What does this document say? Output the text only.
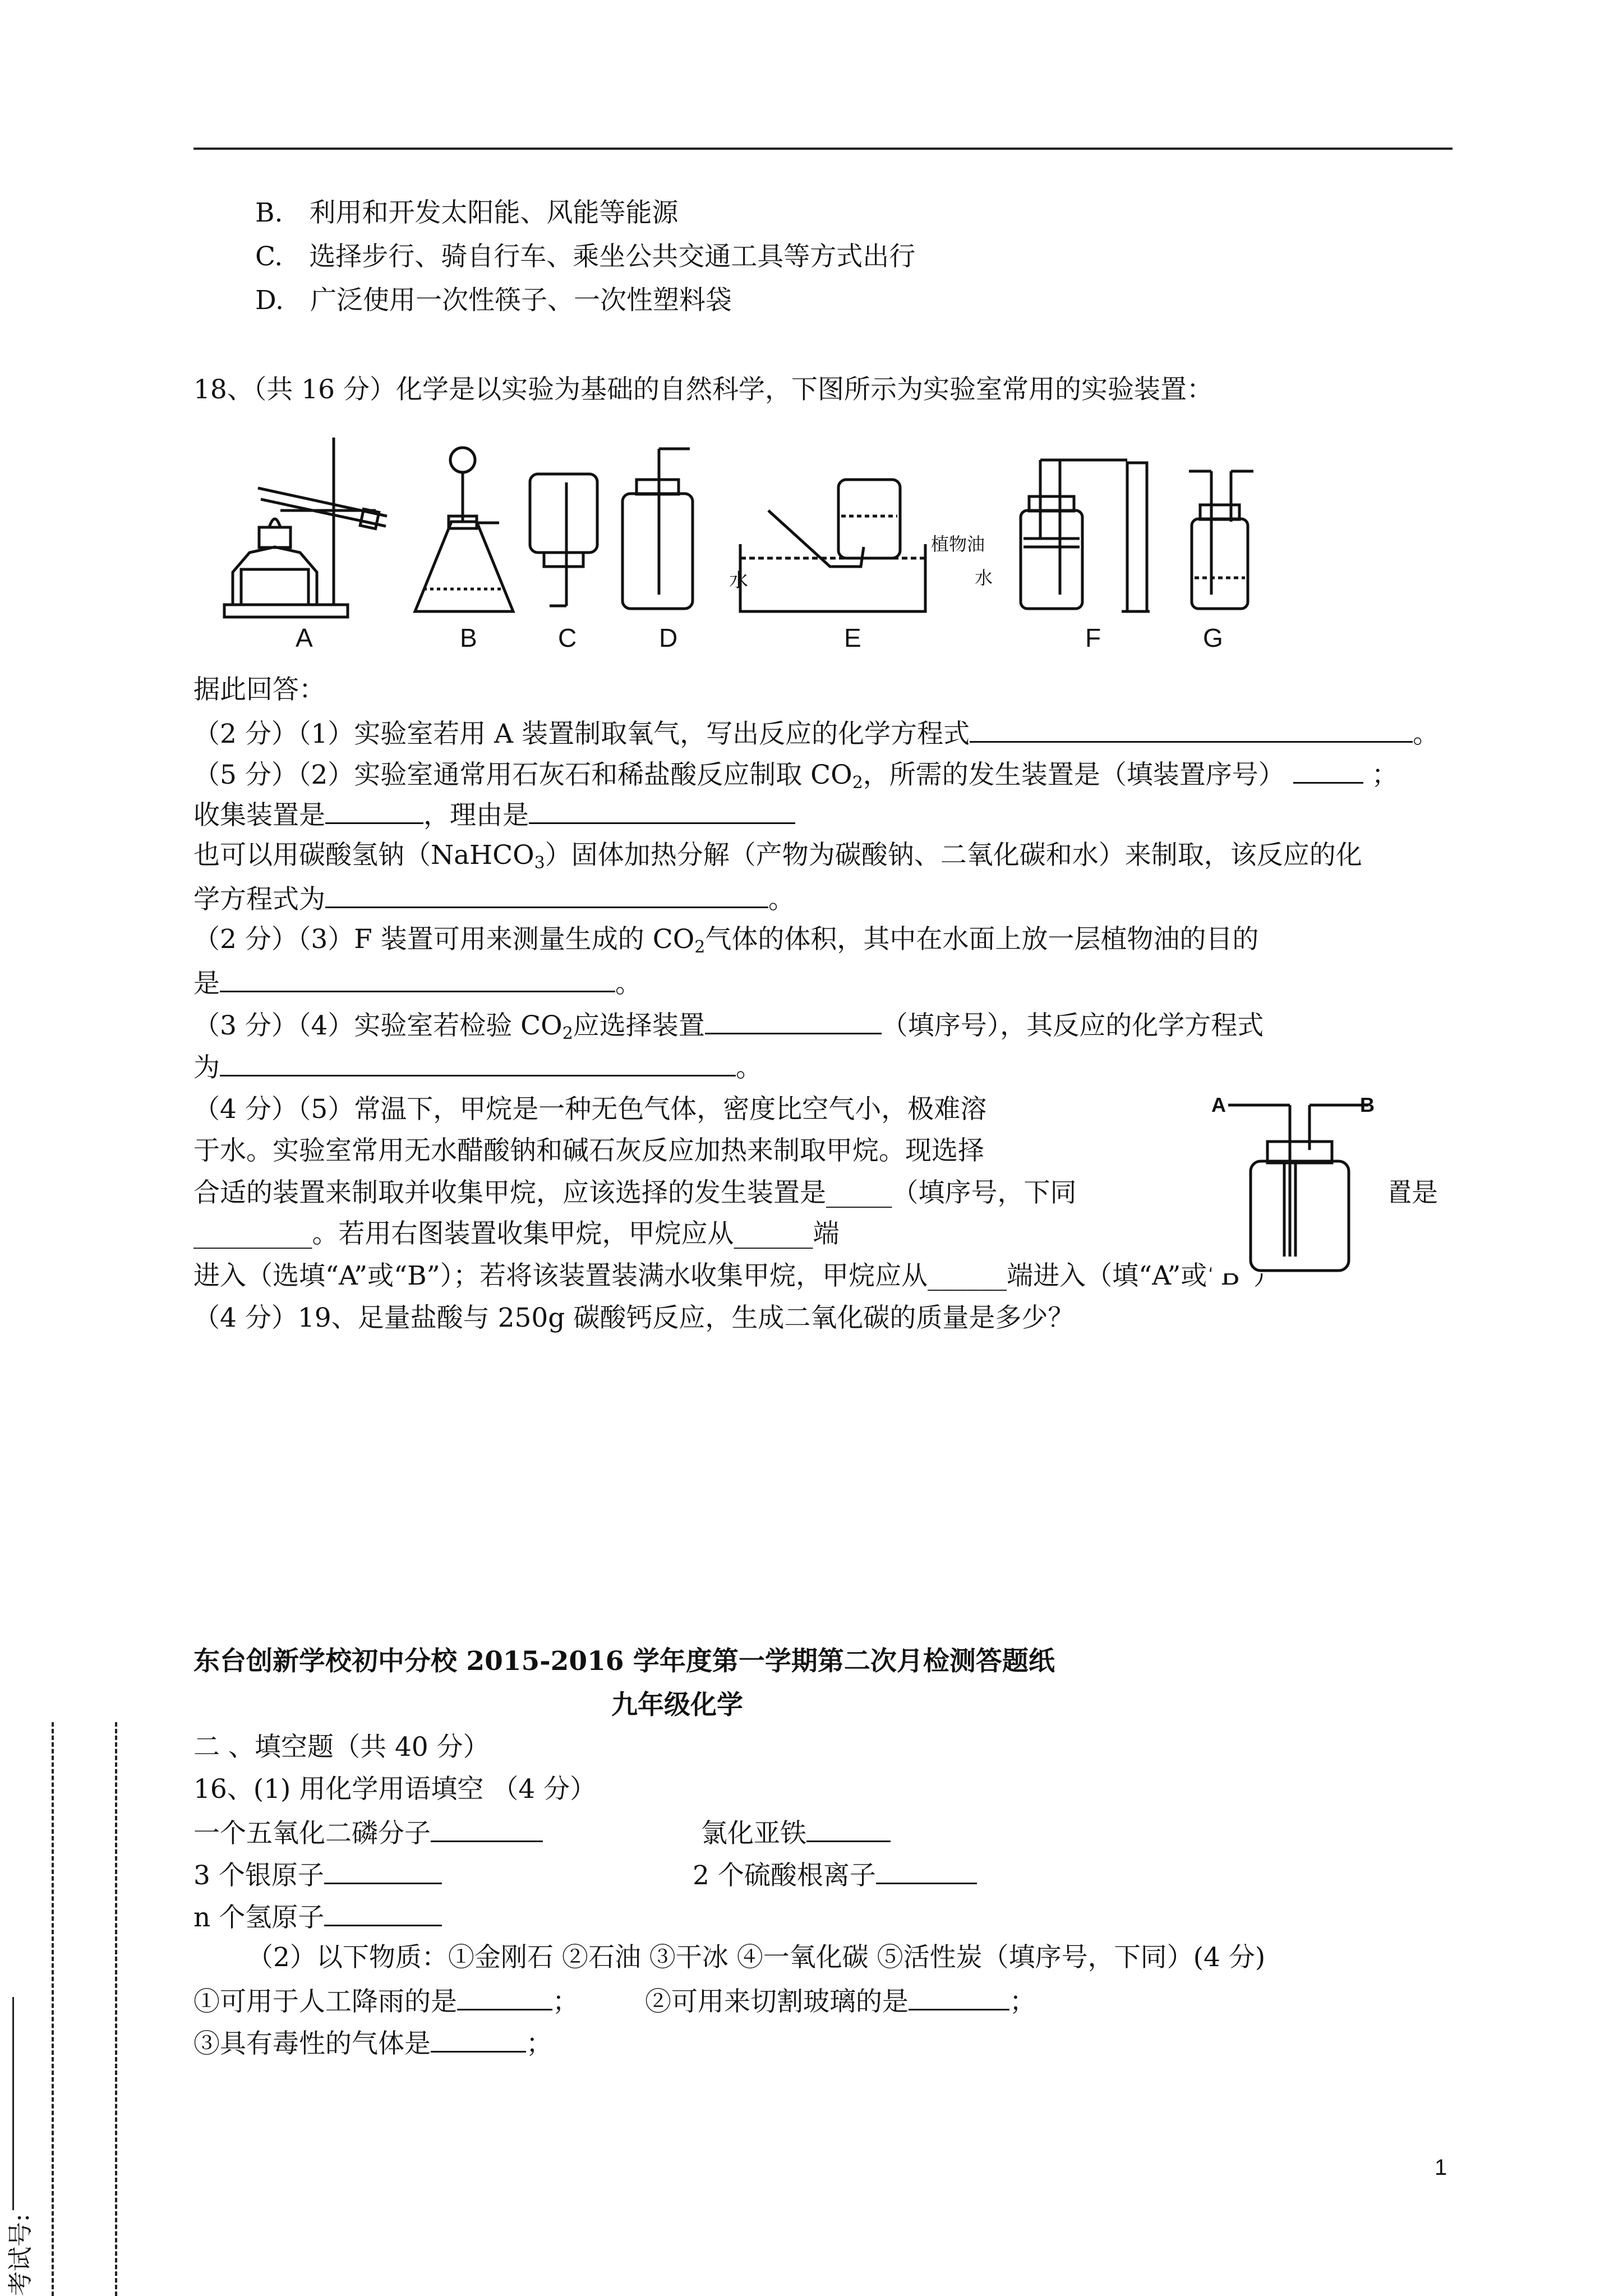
B.　利用和开发太阳能、风能等能源
C.　选择步行、骑自行车、乘坐公共交通工具等方式出行
D.　广泛使用一次性筷子、一次性塑料袋
18、（共 16 分）化学是以实验为基础的自然科学，下图所示为实验室常用的实验装置：
水
植物油
水
A	B	C	D	E	F	G
据此回答：
（2 分）（1）实验室若用 A 装置制取氧气，写出反应的化学方程式	。
（5 分）（2）实验室通常用石灰石和稀盐酸反应制取 $CO_2$，所需的发生装置是（填装置序号）	；
收集装置是	，理由是
也可以用碳酸氢钠（NaHCO$_3$）固体加热分解（产物为碳酸钠、二氧化碳和水）来制取，该反应的化
学方程式为	。
（2 分）（3）F 装置可用来测量生成的 $CO_2$气体的体积，其中在水面上放一层植物油的目的
是	。
（3 分）（4）实验室若检验 $CO_2$应选择装置	（填序号），其反应的化学方程式
为	。
（4 分）（5）常温下，甲烷是一种无色气体，密度比空气小，极难溶
于水。实验室常用无水醋酸钠和碱石灰反应加热来制取甲烷。现选择
合适的装置来制取并收集甲烷，应该选择的发生装置是_____（填序号，下同	置是
_________。若用右图装置收集甲烷，甲烷应从______端
进入（选填“A”或“B”）；若将该装置装满水收集甲烷，甲烷应从______端进入（填“A”或“B”）
A	B
（4 分）19、足量盐酸与 250g 碳酸钙反应，生成二氧化碳的质量是多少？
东台创新学校初中分校 2015-2016 学年度第一学期第二次月检测答题纸
九年级化学
二 、填空题（共 40 分）
16、(1) 用化学用语填空 （4 分）
一个五氧化二磷分子	氯化亚铁
3 个银原子	2 个硫酸根离子
n 个氢原子
（2）以下物质：①金刚石 ②石油 ③干冰 ④一氧化碳 ⑤活性炭（填序号，下同）(4 分)
①可用于人工降雨的是	；	②可用来切割玻璃的是	；
③具有毒性的气体是	；
考试号:
1
